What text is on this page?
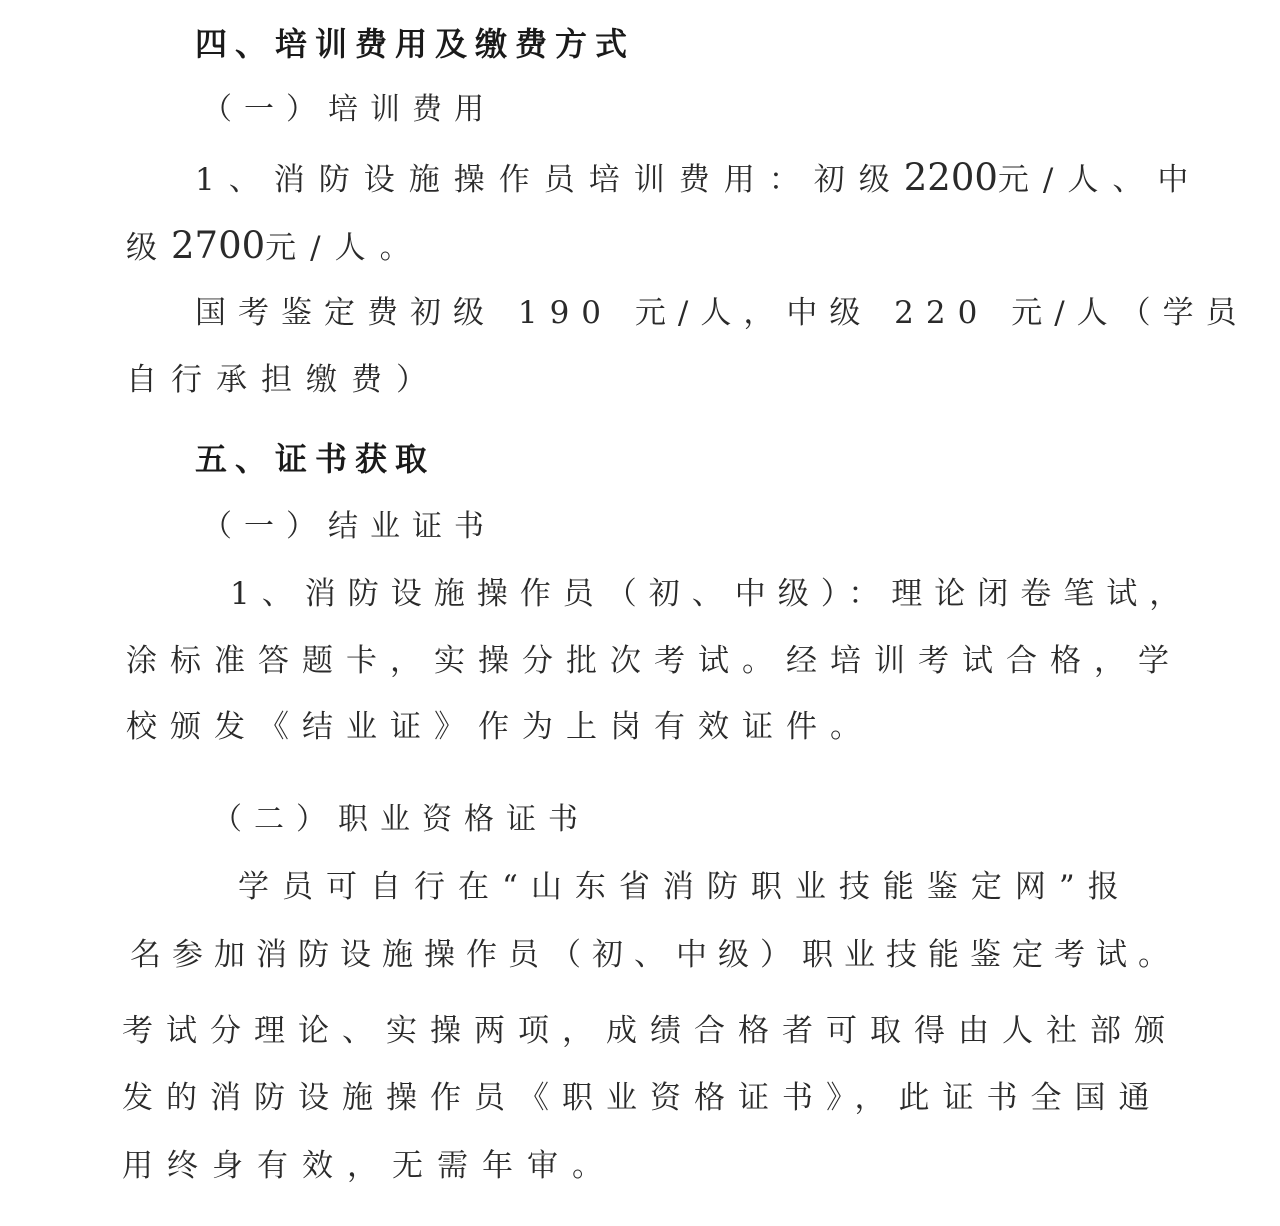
四、培训费用及缴费方式
（一）培训费用
1、消防设施操作员培训费用：初级2200元/人、中
级2700元/人。
国考鉴定费初级 190 元/人，中级 220 元/人（学员
自行承担缴费）
五、证书获取
（一）结业证书
1、消防设施操作员（初、中级）：理论闭卷笔试，
涂标准答题卡，实操分批次考试。经培训考试合格，学
校颁发《结业证》作为上岗有效证件。
（二）职业资格证书
学员可自行在“山东省消防职业技能鉴定网”报
名参加消防设施操作员（初、中级）职业技能鉴定考试。
考试分理论、实操两项，成绩合格者可取得由人社部颁
发的消防设施操作员《职业资格证书》，此证书全国通
用终身有效，无需年审。
